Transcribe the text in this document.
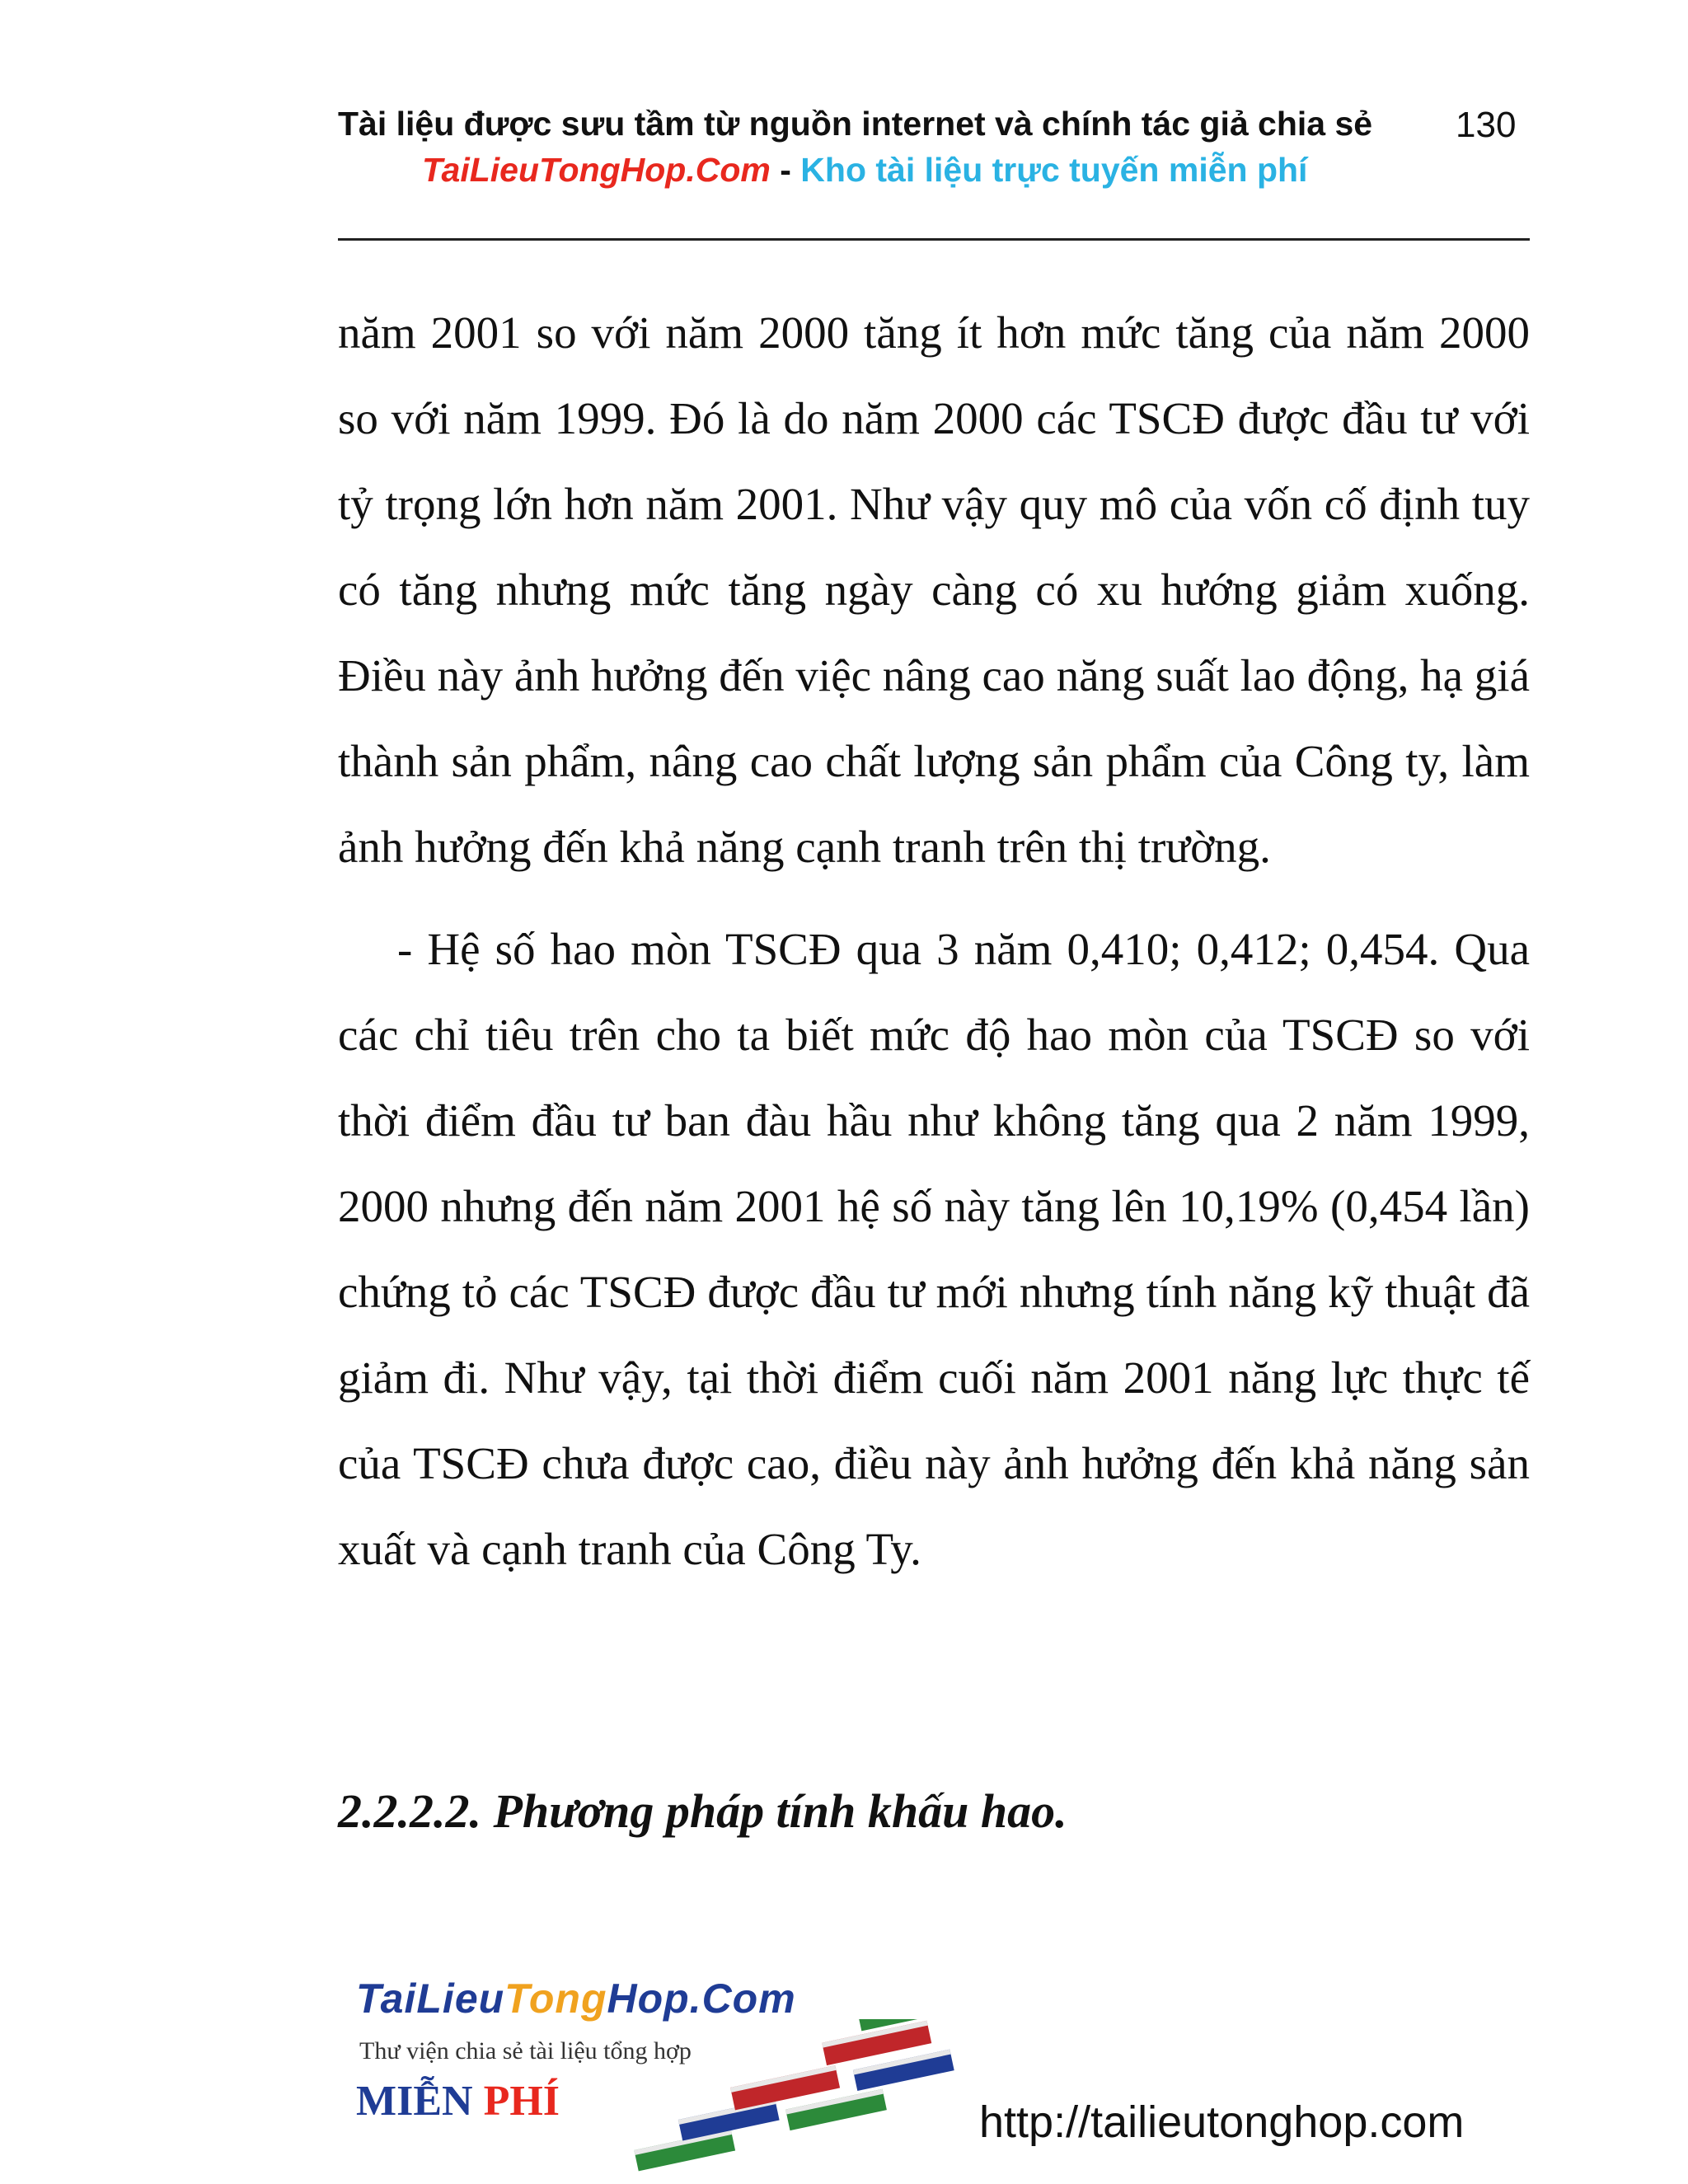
130
Tài liệu được sưu tầm từ nguồn internet và chính tác giả chia sẻ
TaiLieuTongHop.Com - Kho tài liệu trực tuyến miễn phí

năm 2001 so với năm 2000 tăng ít hơn mức tăng của năm 2000 so với năm 1999. Đó là do năm 2000 các TSCĐ được đầu tư với tỷ trọng lớn hơn năm 2001. Như vậy quy mô của vốn cố định tuy có tăng nhưng mức tăng ngày càng có xu hướng giảm xuống. Điều này ảnh hưởng đến việc nâng cao năng suất lao động, hạ giá thành sản phẩm, nâng cao chất lượng sản phẩm của Công ty, làm ảnh hưởng đến khả năng cạnh tranh trên thị trường.

- Hệ số hao mòn TSCĐ qua 3 năm 0,410; 0,412; 0,454. Qua các chỉ tiêu trên cho ta biết mức độ hao mòn của TSCĐ so với thời điểm đầu tư ban đàu hầu như không tăng qua 2 năm 1999, 2000 nhưng đến năm 2001 hệ số này tăng lên 10,19% (0,454 lần) chứng tỏ các TSCĐ được đầu tư mới nhưng tính năng kỹ thuật đã giảm đi. Như vậy, tại thời điểm cuối năm 2001 năng lực thực tế của TSCĐ chưa được cao, điều này ảnh hưởng đến khả năng sản xuất và cạnh tranh của Công Ty.

2.2.2.2. Phương pháp tính khấu hao.
TaiLieuTongHop.Com
Thư viện chia sẻ tài liệu tổng hợp
MIỄN PHÍ	http://tailieutonghop.com
